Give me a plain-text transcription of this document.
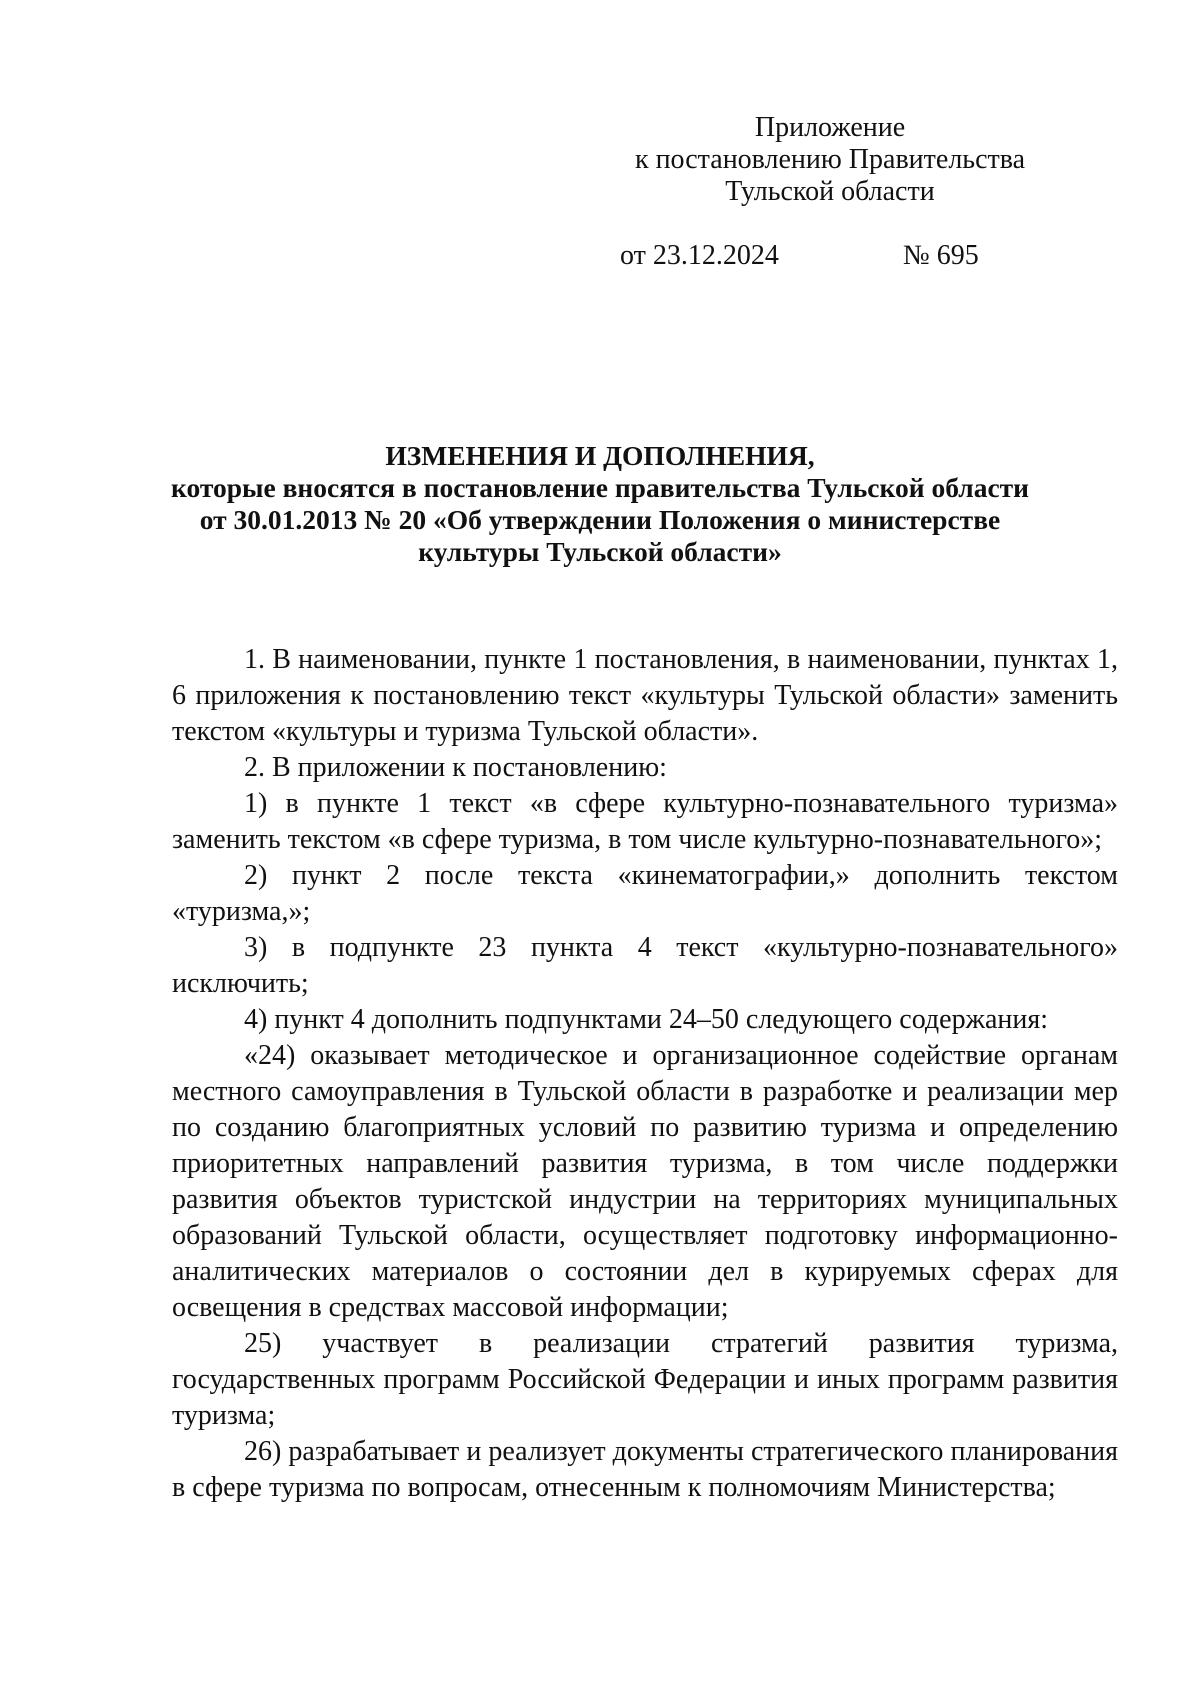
Приложение
к постановлению Правительства
Тульской области
от 23.12.2024	№ 695
ИЗМЕНЕНИЯ И ДОПОЛНЕНИЯ,
которые вносятся в постановление правительства Тульской области
от 30.01.2013 № 20 «Об утверждении Положения о министерстве
культуры Тульской области»

1. В наименовании, пункте 1 постановления, в наименовании, пунктах 1, 6 приложения к постановлению текст «культуры Тульской области» заменить текстом «культуры и туризма Тульской области».

2. В приложении к постановлению:

1) в пункте 1 текст «в сфере культурно-познавательного туризма» заменить текстом «в сфере туризма, в том числе культурно-познавательного»;

2) пункт 2 после текста «кинематографии,» дополнить текстом «туризма,»;

3) в подпункте 23 пункта 4 текст «культурно-познавательного» исключить;

4) пункт 4 дополнить подпунктами 24–50 следующего содержания:

«24) оказывает методическое и организационное содействие органам местного самоуправления в Тульской области в разработке и реализации мер по созданию благоприятных условий по развитию туризма и определению приоритетных направлений развития туризма, в том числе поддержки развития объектов туристской индустрии на территориях муниципальных образований Тульской области, осуществляет подготовку информационно-аналитических материалов о состоянии дел в курируемых сферах для освещения в средствах массовой информации;

25) участвует в реализации стратегий развития туризма, государственных программ Российской Федерации и иных программ развития туризма;

26) разрабатывает и реализует документы стратегического планирования в сфере туризма по вопросам, отнесенным к полномочиям Министерства;
